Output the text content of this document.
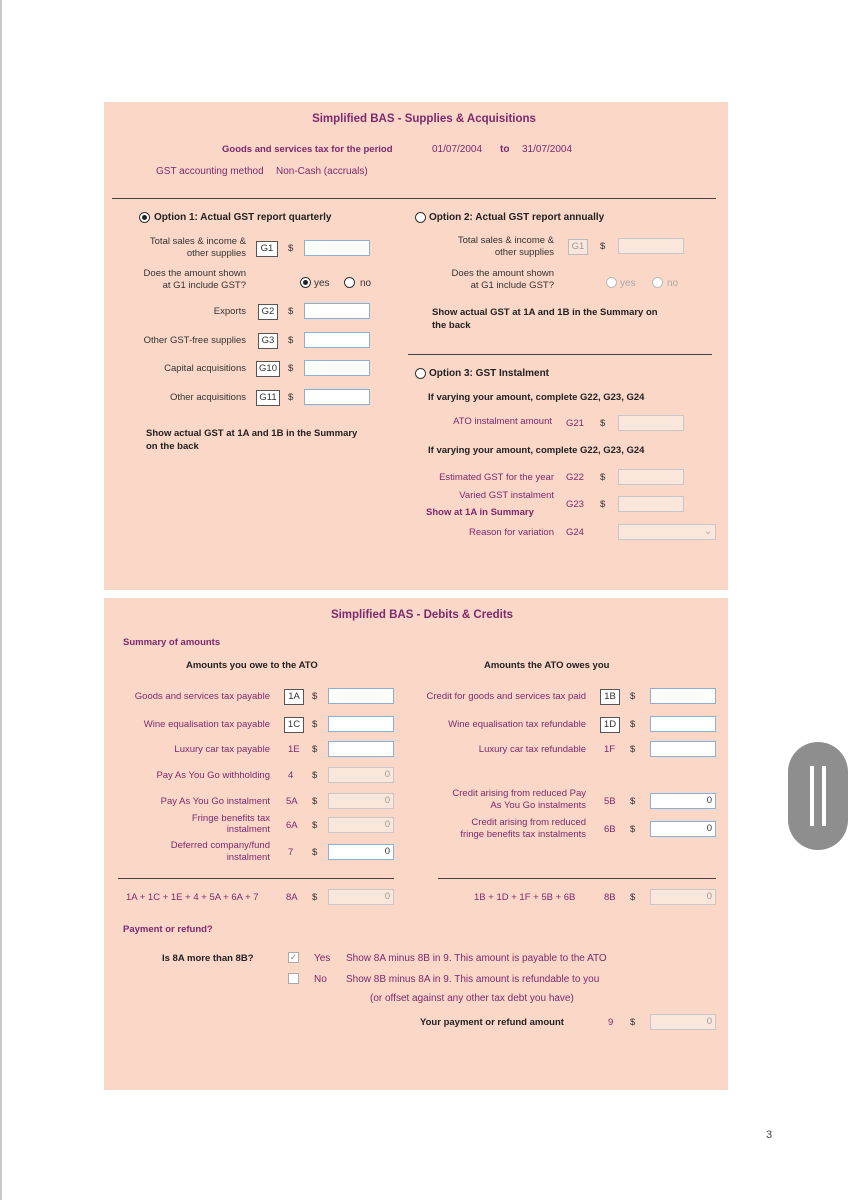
Simplified BAS - Supplies & Acquisitions
Goods and services tax for the period	01/07/2004 to 31/07/2004
GST accounting method Non-Cash (accruals)
Option 1: Actual GST report quarterly
Total sales & income &
other supplies	G1	$
Does the amount shown
at G1 include GST?	yes	no
Exports	G2	$
Other GST-free supplies	G3	$
Capital acquisitions	G10	$
Other acquisitions	G11	$
Show actual GST at 1A and 1B in the Summary
on the back
Option 2: Actual GST report annually
Total sales & income &
other supplies
G1	$
Does the amount shown
at G1 include GST?	yes	no
Show actual GST at 1A and 1B in the Summary on
the back
Option 3: GST Instalment
If varying your amount, complete G22, G23, G24
ATO instalment amount G21 $
If varying your amount, complete G22, G23, G24
Estimated GST for the year G22 $
Varied GST instalment
Show at 1A in Summary
G23 $
Reason for variation G24	⌄
Simplified BAS - Debits & Credits
Summary of amounts
Amounts you owe to the ATO	Amounts the ATO owes you
Goods and services tax payable	1A	$
Wine equalisation tax payable	1C	$
Luxury car tax payable 1E $
Pay As You Go withholding 4 $	0
Pay As You Go instalment 5A $	0
Fringe benefits tax
instalment 6A $	0
Deferred company/fund
instalment 7 $	0
Credit for goods and services tax paid	1B	$
Wine equalisation tax refundable	1D	$
Luxury car tax refundable 1F $
Credit arising from reduced Pay
As You Go instalments 5B $	0
Credit arising from reduced
fringe benefits tax instalments 6B $	0
1A + 1C + 1E + 4 + 5A + 6A + 7	8A $	0	1B + 1D + 1F + 5B + 6B	8B $	0
Payment or refund?
Is 8A more than 8B?	✓ Yes Show 8A minus 8B in 9. This amount is payable to the ATO
No Show 8B minus 8A in 9. This amount is refundable to you
(or offset against any other tax debt you have)
Your payment or refund amount	9 $	0
3
